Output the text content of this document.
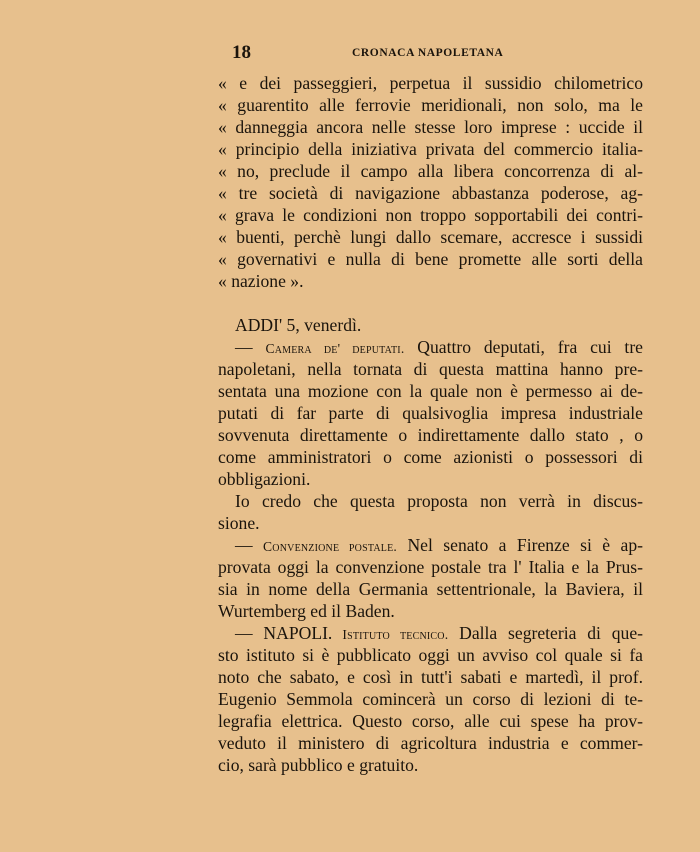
18	CRONACA NAPOLETANA
« e dei passeggieri, perpetua il sussidio chilometrico
« guarentito alle ferrovie meridionali, non solo, ma le
« danneggia ancora nelle stesse loro imprese : uccide il
« principio della iniziativa privata del commercio italia-
« no, preclude il campo alla libera concorrenza di al-
« tre società di navigazione abbastanza poderose, ag-
« grava le condizioni non troppo sopportabili dei contri-
« buenti, perchè lungi dallo scemare, accresce i sussidi
« governativi e nulla di bene promette alle sorti della
« nazione ».
ADDI' 5, venerdì.
— Camera de' deputati. Quattro deputati, fra cui tre
napoletani, nella tornata di questa mattina hanno pre-
sentata una mozione con la quale non è permesso ai de-
putati di far parte di qualsivoglia impresa industriale
sovvenuta direttamente o indirettamente dallo stato , o
come amministratori o come azionisti o possessori di
obbligazioni.
Io credo che questa proposta non verrà in discus-
sione.
— Convenzione postale. Nel senato a Firenze si è ap-
provata oggi la convenzione postale tra l' Italia e la Prus-
sia in nome della Germania settentrionale, la Baviera, il
Wurtemberg ed il Baden.
— NAPOLI. Istituto tecnico. Dalla segreteria di que-
sto istituto si è pubblicato oggi un avviso col quale si fa
noto che sabato, e così in tutt'i sabati e martedì, il prof.
Eugenio Semmola comincerà un corso di lezioni di te-
legrafia elettrica. Questo corso, alle cui spese ha prov-
veduto il ministero di agricoltura industria e commer-
cio, sarà pubblico e gratuito.
